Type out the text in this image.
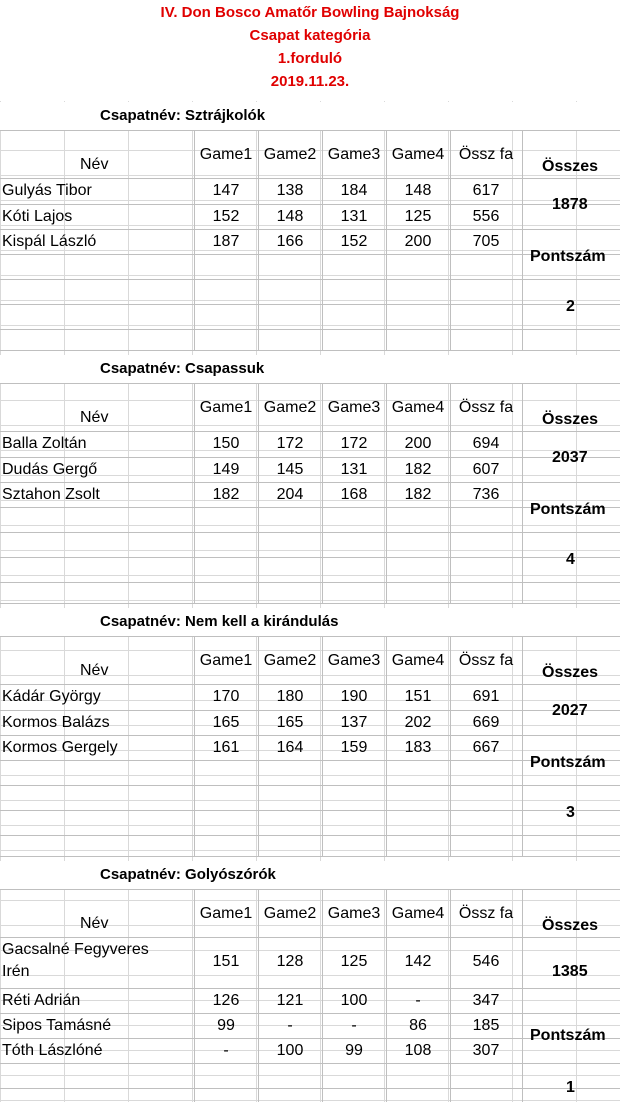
IV. Don Bosco Amatőr Bowling Bajnokság
Csapat kategória
1.forduló
2019.11.23.
Csapatnév: Sztrájkolók
Név
Game1 Game2 Game3 Game4 Össz fa
Összes
Gulyás Tibor	147	138	184	148	617
Kóti Lajos	152	148	131	125	556
Kispál László	187	166	152	200	705
1878
Pontszám
2
Csapatnév: Csapassuk
Név
Game1 Game2 Game3 Game4 Össz fa
Összes
Balla Zoltán	150	172	172	200	694
Dudás Gergő	149	145	131	182	607
Sztahon Zsolt	182	204	168	182	736
2037
Pontszám
4
Csapatnév: Nem kell a kirándulás
Név
Game1 Game2 Game3 Game4 Össz fa
Összes
Kádár György	170	180	190	151	691
Kormos Balázs	165	165	137	202	669
Kormos Gergely	161	164	159	183	667
2027
Pontszám
3
Csapatnév: Golyószórók
Név
Game1 Game2 Game3 Game4 Össz fa
Összes
Gacsalné Fegyveres
Irén
151	128	125	142	546
Réti Adrián	126	121	100	-	347
Sipos Tamásné	99	-	-	86	185
Tóth Lászlóné	-	100	99	108	307
1385
Pontszám
1
